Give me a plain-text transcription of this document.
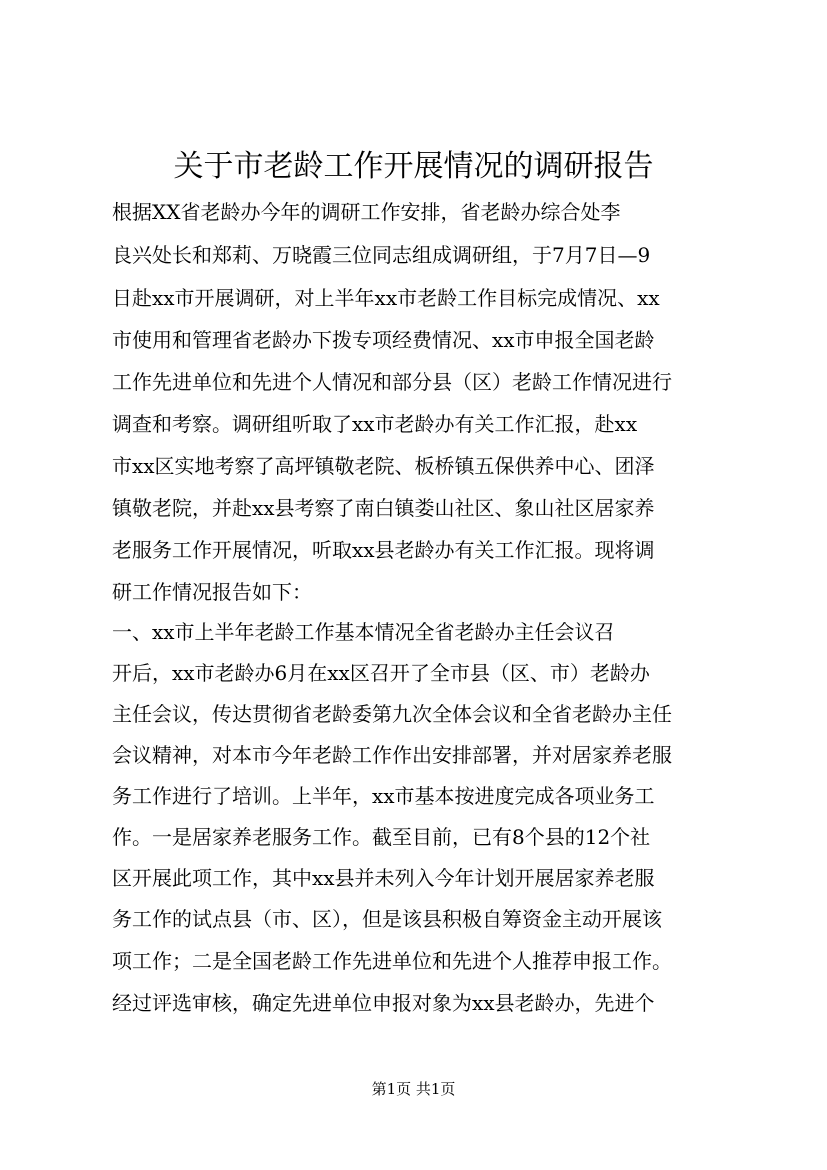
关于市老龄工作开展情况的调研报告
根据XX省老龄办今年的调研工作安排，省老龄办综合处李
良兴处长和郑莉、万晓霞三位同志组成调研组，于7月7日—9
日赴xx市开展调研，对上半年xx市老龄工作目标完成情况、xx
市使用和管理省老龄办下拨专项经费情况、xx市申报全国老龄
工作先进单位和先进个人情况和部分县（区）老龄工作情况进行
调查和考察。调研组听取了xx市老龄办有关工作汇报，赴xx
市xx区实地考察了高坪镇敬老院、板桥镇五保供养中心、团泽
镇敬老院，并赴xx县考察了南白镇娄山社区、象山社区居家养
老服务工作开展情况，听取xx县老龄办有关工作汇报。现将调
研工作情况报告如下：
一、xx市上半年老龄工作基本情况全省老龄办主任会议召
开后，xx市老龄办6月在xx区召开了全市县（区、市）老龄办
主任会议，传达贯彻省老龄委第九次全体会议和全省老龄办主任
会议精神，对本市今年老龄工作作出安排部署，并对居家养老服
务工作进行了培训。上半年，xx市基本按进度完成各项业务工
作。一是居家养老服务工作。截至目前，已有8个县的12个社
区开展此项工作，其中xx县并未列入今年计划开展居家养老服
务工作的试点县（市、区），但是该县积极自筹资金主动开展该
项工作；二是全国老龄工作先进单位和先进个人推荐申报工作。
经过评选审核，确定先进单位申报对象为xx县老龄办，先进个
第1页 共1页
